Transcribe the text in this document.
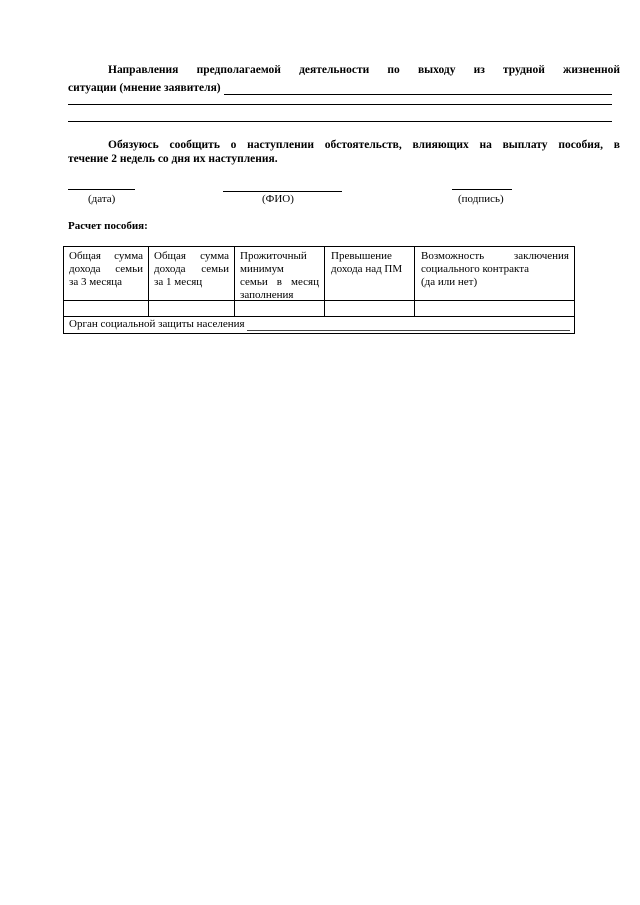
Направления предполагаемой деятельности по выходу из трудной жизненной
ситуации (мнение заявителя)
Обязуюсь сообщить о наступлении обстоятельств, влияющих на выплату пособия, в
течение 2 недель со дня их наступления.
(дата)	(ФИО)	(подпись)
Расчет пособия:
Общая сумма
дохода семьи
за 3 месяца
Общая сумма
дохода семьи
за 1 месяц
Прожиточный
минимум
семьи в месяц
заполнения
Превышение
дохода над ПМ
Возможность заключения
социального контракта
(да или нет)
Орган социальной защиты населения
